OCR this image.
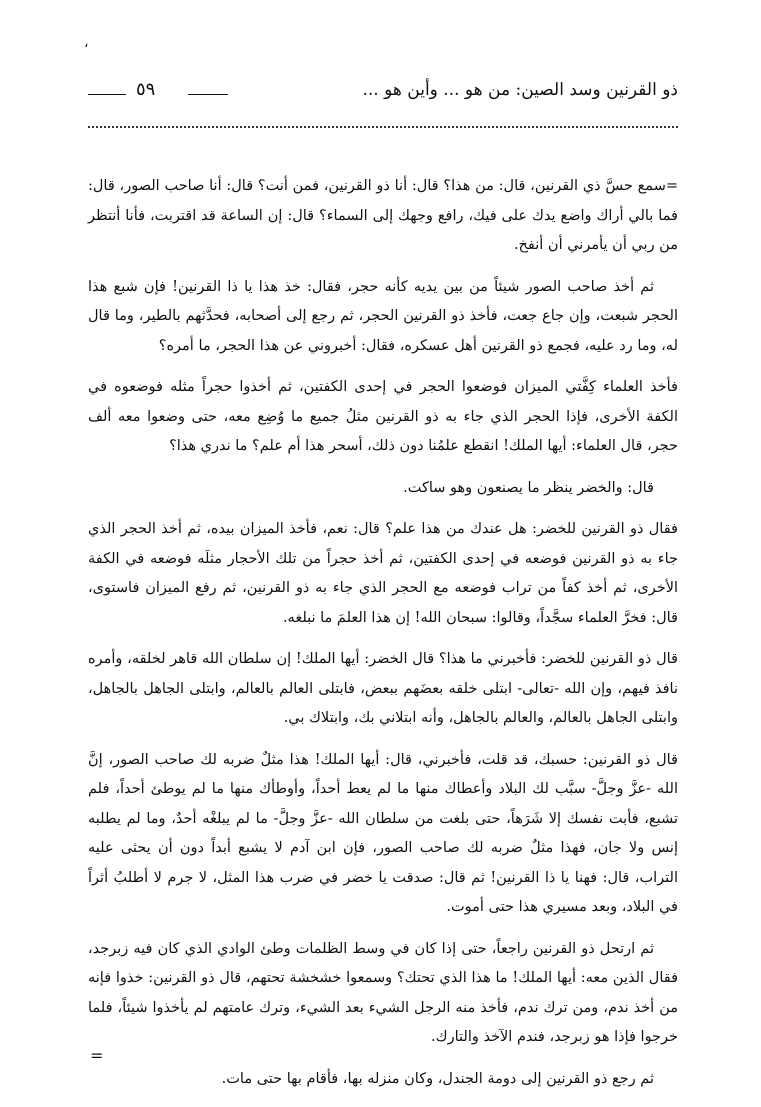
،
ذو القرنين وسد الصين: من هو ... وأين هو ...
٥٩

=سمع حسَّ ذي القرنين، قال: من هذا؟ قال: أنا ذو القرنين، فمن أنت؟ قال: أنا صاحب الصور، قال: فما بالي أراك واضع يدك على فيك، رافع وجهك إلى السماء؟ قال: إن الساعة قد اقتربت، فأنا أنتظر من ربي أن يأمرني أن أنفخ.

ثم أخذ صاحب الصور شيئاً من بين يديه كأنه حجر، فقال: خذ هذا يا ذا القرنين! فإن شبع هذا الحجر شبعت، وإن جاع جعت، فأخذ ذو القرنين الحجر، ثم رجع إلى أصحابه، فحدَّثهم بالطير، وما قال له، وما رد عليه، فجمع ذو القرنين أهل عسكره، فقال: أخبروني عن هذا الحجر، ما أمره؟

فأخذ العلماء كِفَّتي الميزان فوضعوا الحجر في إحدى الكفتين، ثم أخذوا حجراً مثله فوضعوه في الكفة الأخرى، فإذا الحجر الذي جاء به ذو القرنين مثلُ جميع ما وُضِع معه، حتى وضعوا معه ألف حجر، قال العلماء: أيها الملك! انقطع علمُنا دون ذلك، أسحر هذا أم علم؟ ما ندري هذا؟

قال: والخضر ينظر ما يصنعون وهو ساكت.

فقال ذو القرنين للخضر: هل عندك من هذا علم؟ قال: نعم، فأخذ الميزان بيده، ثم أخذ الحجر الذي جاء به ذو القرنين فوضعه في إحدى الكفتين، ثم أخذ حجراً من تلك الأحجار مثلَه فوضعه في الكفة الأخرى، ثم أخذ كفاً من تراب فوضعه مع الحجر الذي جاء به ذو القرنين، ثم رفع الميزان فاستوى، قال: فخرَّ العلماء سجَّداً، وقالوا: سبحان الله! إن هذا العلمَ ما نبلغه.

قال ذو القرنين للخضر: فأخبرني ما هذا؟ قال الخضر: أيها الملك! إن سلطان الله قاهر لخلقه، وأمره نافذ فيهم، وإن الله -تعالى- ابتلى خلقه بعضَهم ببعض، فابتلى العالم بالعالم، وابتلى الجاهل بالجاهل، وابتلى الجاهل بالعالم، والعالم بالجاهل، وأنه ابتلاني بك، وابتلاك بي.

قال ذو القرنين: حسبك، قد قلت، فأخبرني، قال: أيها الملك! هذا مثلٌ ضربه لك صاحب الصور، إنَّ الله -عزَّ وجلَّ- سبَّب لك البلاد وأعطاك منها ما لم يعط أحداً، وأوطأك منها ما لم يوطئ أحداً، فلم تشبع، فأبت نفسك إلا شَرَهاً، حتى بلغت من سلطان الله -عزَّ وجلَّ- ما لم يبلغْه أحدٌ، وما لم يطلبه إنس ولا جان، فهذا مثلٌ ضربه لك صاحب الصور، فإن ابن آدم لا يشبع أبداً دون أن يحثى عليه التراب، قال: فهنا يا ذا القرنين! ثم قال: صدقت يا خضر في ضرب هذا المثل، لا جرم لا أطلبُ أثراً في البلاد، وبعد مسيري هذا حتى أموت.

ثم ارتحل ذو القرنين راجعاً، حتى إذا كان في وسط الظلمات وطئ الوادي الذي كان فيه زبرجد، فقال الذين معه: أيها الملك! ما هذا الذي تحتك؟ وسمعوا خشخشة تحتهم، قال ذو القرنين: خذوا فإنه من أخذ ندم، ومن ترك ندم، فأخذ منه الرجل الشيء بعد الشيء، وترك عامتهم لم يأخذوا شيئاً، فلما خرجوا فإذا هو زبرجد، فندم الآخذ والتارك.

ثم رجع ذو القرنين إلى دومة الجندل، وكان منزله بها، فأقام بها حتى مات.

=
